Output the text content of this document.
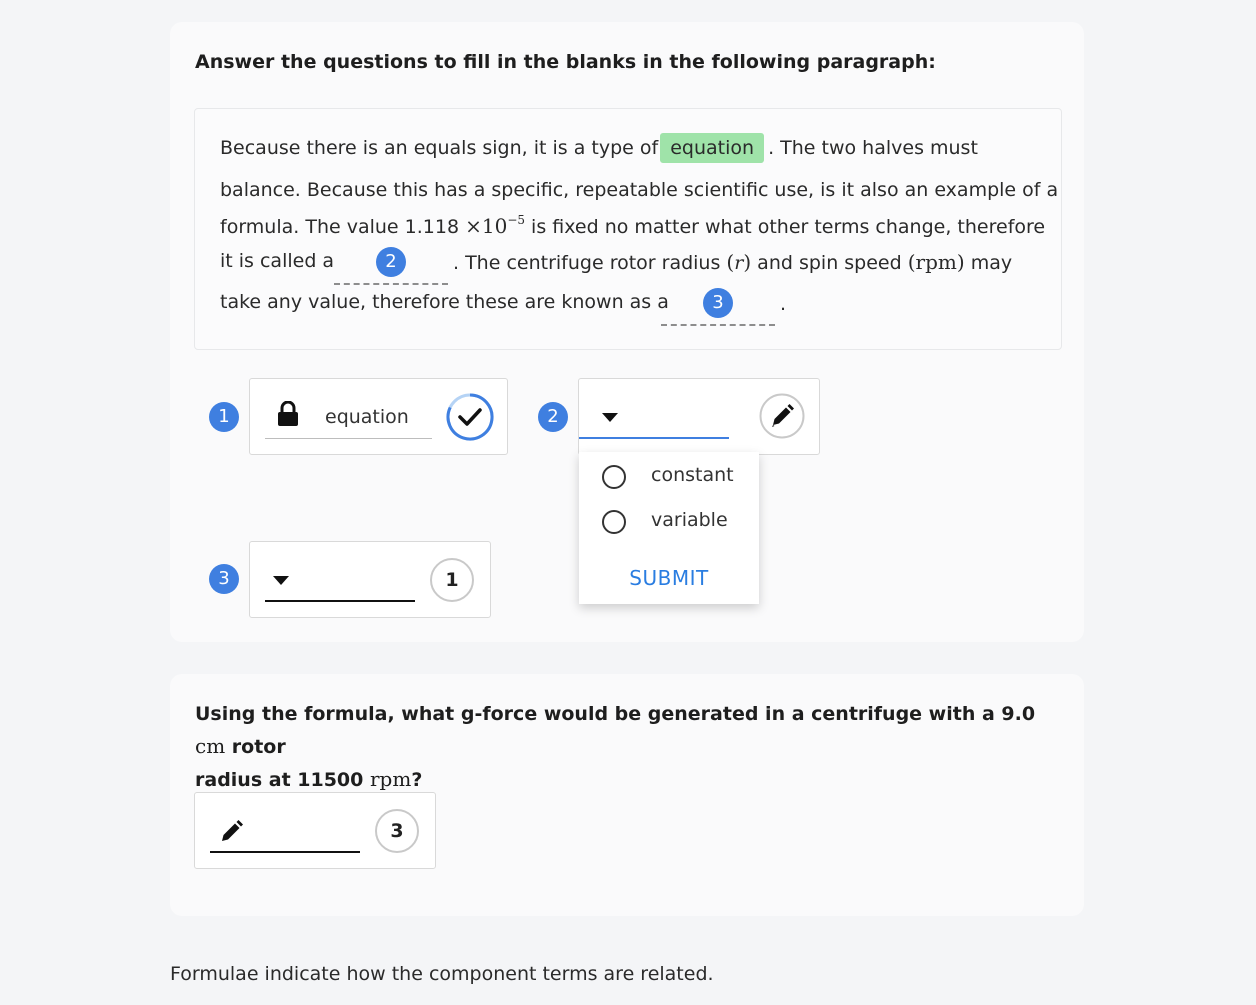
Answer the questions to fill in the blanks in the following paragraph:
Because there is an equals sign, it is a type of equation . The two halves must
balance. Because this has a specific, repeatable scientific use, is it also an example of a
formula. The value $1.118 \times 10^{-5}$ is fixed no matter what other terms change, therefore
it is called a	. The centrifuge rotor radius (r) and spin speed (rpm) may
take any value, therefore these are known as a	.
2
3
Using the formula, what g-force would be generated in a centrifuge with a 9.0 cm rotor
radius at 11500 rpm?
1	equation	2
constant
variable
SUBMIT
3	1
3
Formulae indicate how the component terms are related.
